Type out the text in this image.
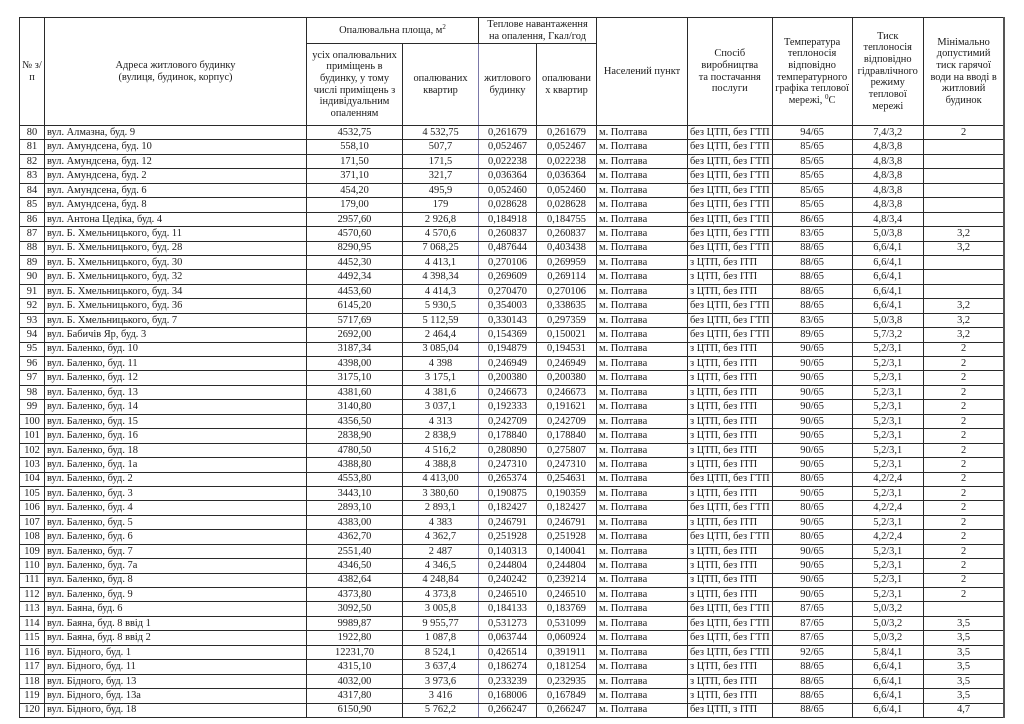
№ з/п	Адреса житлового будинку (вулиця, будинок, корпус)	Опалювальна площа, $м^2$		Теплове навантаження на опалення, Гкал/год		Населений пункт	Спосіб виробництва та постачання послуги	Температура теплоносія відповідно температурного графіка теплової мережі, $^0$С	Тиск теплоносія відповідно гідравлічного режиму теплової мережі	Мінімально допустимий тиск гарячої води на вводі в житловий будинок
		усіх опалювальних приміщень в будинку, у тому числі приміщень з індивідуальним опаленням	опалюваних квартир	житлового будинку	опалювани х квартир					
80	вул. Алмазна, буд. 9	4532,75	4 532,75	0,261679	0,261679	м. Полтава	без ЦТП, без ГТП	94/65	7,4/3,2	2
81	вул. Амундсена, буд. 10	558,10	507,7	0,052467	0,052467	м. Полтава	без ЦТП, без ГТП	85/65	4,8/3,8	
82	вул. Амундсена, буд. 12	171,50	171,5	0,022238	0,022238	м. Полтава	без ЦТП, без ГТП	85/65	4,8/3,8	
83	вул. Амундсена, буд. 2	371,10	321,7	0,036364	0,036364	м. Полтава	без ЦТП, без ГТП	85/65	4,8/3,8	
84	вул. Амундсена, буд. 6	454,20	495,9	0,052460	0,052460	м. Полтава	без ЦТП, без ГТП	85/65	4,8/3,8	
85	вул. Амундсена, буд. 8	179,00	179	0,028628	0,028628	м. Полтава	без ЦТП, без ГТП	85/65	4,8/3,8	
86	вул. Антона Цедіка, буд. 4	2957,60	2 926,8	0,184918	0,184755	м. Полтава	без ЦТП, без ГТП	86/65	4,8/3,4	
87	вул. Б. Хмельницького, буд. 11	4570,60	4 570,6	0,260837	0,260837	м. Полтава	без ЦТП, без ГТП	83/65	5,0/3,8	3,2
88	вул. Б. Хмельницького, буд. 28	8290,95	7 068,25	0,487644	0,403438	м. Полтава	без ЦТП, без ГТП	88/65	6,6/4,1	3,2
89	вул. Б. Хмельницького, буд. 30	4452,30	4 413,1	0,270106	0,269959	м. Полтава	з ЦТП, без ІТП	88/65	6,6/4,1	
90	вул. Б. Хмельницького, буд. 32	4492,34	4 398,34	0,269609	0,269114	м. Полтава	з ЦТП, без ІТП	88/65	6,6/4,1	
91	вул. Б. Хмельницького, буд. 34	4453,60	4 414,3	0,270470	0,270106	м. Полтава	з ЦТП, без ІТП	88/65	6,6/4,1	
92	вул. Б. Хмельницького, буд. 36	6145,20	5 930,5	0,354003	0,338635	м. Полтава	без ЦТП, без ГТП	88/65	6,6/4,1	3,2
93	вул. Б. Хмельницького, буд. 7	5717,69	5 112,59	0,330143	0,297359	м. Полтава	без ЦТП, без ГТП	83/65	5,0/3,8	3,2
94	вул. Бабичів Яр, буд. 3	2692,00	2 464,4	0,154369	0,150021	м. Полтава	без ЦТП, без ГТП	89/65	5,7/3,2	3,2
95	вул. Баленко, буд. 10	3187,34	3 085,04	0,194879	0,194531	м. Полтава	з ЦТП, без ІТП	90/65	5,2/3,1	2
96	вул. Баленко, буд. 11	4398,00	4 398	0,246949	0,246949	м. Полтава	з ЦТП, без ІТП	90/65	5,2/3,1	2
97	вул. Баленко, буд. 12	3175,10	3 175,1	0,200380	0,200380	м. Полтава	з ЦТП, без ІТП	90/65	5,2/3,1	2
98	вул. Баленко, буд. 13	4381,60	4 381,6	0,246673	0,246673	м. Полтава	з ЦТП, без ІТП	90/65	5,2/3,1	2
99	вул. Баленко, буд. 14	3140,80	3 037,1	0,192333	0,191621	м. Полтава	з ЦТП, без ІТП	90/65	5,2/3,1	2
100	вул. Баленко, буд. 15	4356,50	4 313	0,242709	0,242709	м. Полтава	з ЦТП, без ІТП	90/65	5,2/3,1	2
101	вул. Баленко, буд. 16	2838,90	2 838,9	0,178840	0,178840	м. Полтава	з ЦТП, без ІТП	90/65	5,2/3,1	2
102	вул. Баленко, буд. 18	4780,50	4 516,2	0,280890	0,275807	м. Полтава	з ЦТП, без ІТП	90/65	5,2/3,1	2
103	вул. Баленко, буд. 1а	4388,80	4 388,8	0,247310	0,247310	м. Полтава	з ЦТП, без ІТП	90/65	5,2/3,1	2
104	вул. Баленко, буд. 2	4553,80	4 413,00	0,265374	0,254631	м. Полтава	без ЦТП, без ГТП	80/65	4,2/2,4	2
105	вул. Баленко, буд. 3	3443,10	3 380,60	0,190875	0,190359	м. Полтава	з ЦТП, без ІТП	90/65	5,2/3,1	2
106	вул. Баленко, буд. 4	2893,10	2 893,1	0,182427	0,182427	м. Полтава	без ЦТП, без ГТП	80/65	4,2/2,4	2
107	вул. Баленко, буд. 5	4383,00	4 383	0,246791	0,246791	м. Полтава	з ЦТП, без ІТП	90/65	5,2/3,1	2
108	вул. Баленко, буд. 6	4362,70	4 362,7	0,251928	0,251928	м. Полтава	без ЦТП, без ГТП	80/65	4,2/2,4	2
109	вул. Баленко, буд. 7	2551,40	2 487	0,140313	0,140041	м. Полтава	з ЦТП, без ІТП	90/65	5,2/3,1	2
110	вул. Баленко, буд. 7а	4346,50	4 346,5	0,244804	0,244804	м. Полтава	з ЦТП, без ІТП	90/65	5,2/3,1	2
111	вул. Баленко, буд. 8	4382,64	4 248,84	0,240242	0,239214	м. Полтава	з ЦТП, без ІТП	90/65	5,2/3,1	2
112	вул. Баленко, буд. 9	4373,80	4 373,8	0,246510	0,246510	м. Полтава	з ЦТП, без ІТП	90/65	5,2/3,1	2
113	вул. Баяна, буд. 6	3092,50	3 005,8	0,184133	0,183769	м. Полтава	без ЦТП, без ГТП	87/65	5,0/3,2	
114	вул. Баяна, буд. 8 ввід 1	9989,87	9 955,77	0,531273	0,531099	м. Полтава	без ЦТП, без ГТП	87/65	5,0/3,2	3,5
115	вул. Баяна, буд. 8 ввід 2	1922,80	1 087,8	0,063744	0,060924	м. Полтава	без ЦТП, без ГТП	87/65	5,0/3,2	3,5
116	вул. Бідного, буд. 1	12231,70	8 524,1	0,426514	0,391911	м. Полтава	без ЦТП, без ГТП	92/65	5,8/4,1	3,5
117	вул. Бідного, буд. 11	4315,10	3 637,4	0,186274	0,181254	м. Полтава	з ЦТП, без ІТП	88/65	6,6/4,1	3,5
118	вул. Бідного, буд. 13	4032,00	3 973,6	0,233239	0,232935	м. Полтава	з ЦТП, без ІТП	88/65	6,6/4,1	3,5
119	вул. Бідного, буд. 13а	4317,80	3 416	0,168006	0,167849	м. Полтава	з ЦТП, без ІТП	88/65	6,6/4,1	3,5
120	вул. Бідного, буд. 18	6150,90	5 762,2	0,266247	0,266247	м. Полтава	без ЦТП, з ІТП	88/65	6,6/4,1	4,7
